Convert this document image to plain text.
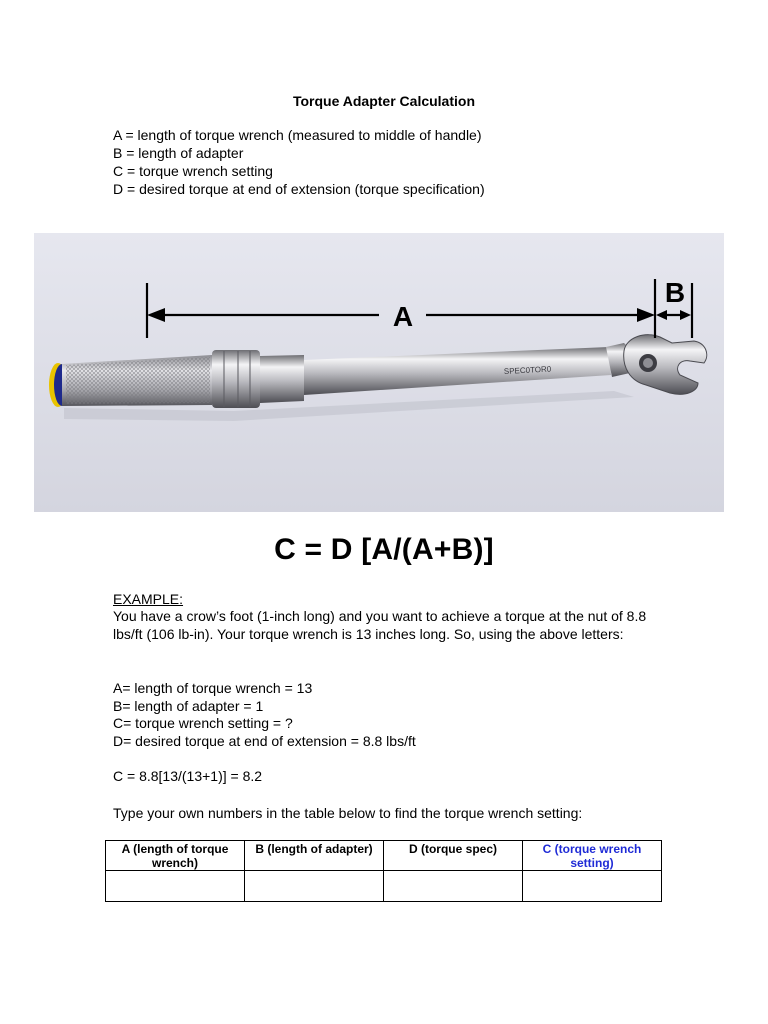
Torque Adapter Calculation
A = length of torque wrench (measured to middle of handle)
B = length of adapter
C = torque wrench setting
D = desired torque at end of extension (torque specification)
SPEC0TOR0
A
B
C = D [A/(A+B)]
EXAMPLE:

You have a crow’s foot (1-inch long) and you want to achieve a torque at the nut of 8.8 lbs/ft (106 lb-in). Your torque wrench is 13 inches long. So, using the above letters:

A= length of torque wrench = 13
B= length of adapter = 1
C= torque wrench setting = ?
D= desired torque at end of extension = 8.8 lbs/ft
C = 8.8[13/(13+1)] = 8.2
Type your own numbers in the table below to find the torque wrench setting:
A (length of torque wrench)	B (length of adapter)	D (torque spec)	C (torque wrench setting)
